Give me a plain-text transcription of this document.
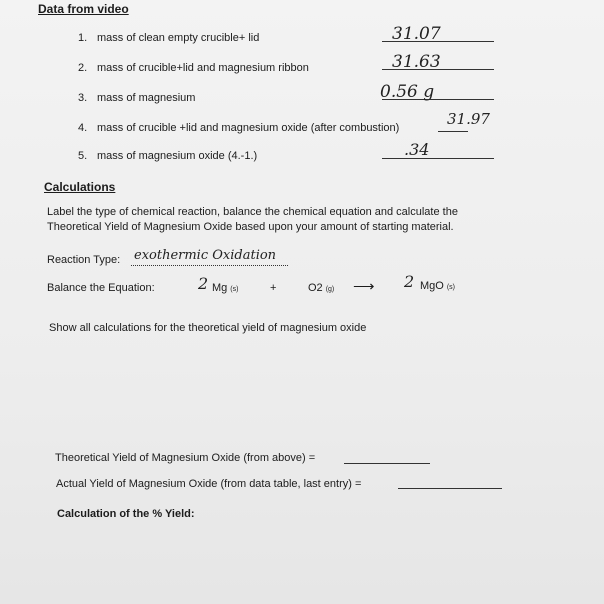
Data from video
1. mass of clean empty crucible+ lid	31.07
2. mass of crucible+lid and magnesium ribbon	31.63
3. mass of magnesium	0.56 g
4. mass of crucible +lid and magnesium oxide (after combustion)	31.97
5. mass of magnesium oxide (4.-1.)	.34
Calculations
Label the type of chemical reaction, balance the chemical equation and calculate the
Theoretical Yield of Magnesium Oxide based upon your amount of starting material.
Reaction Type: exothermic Oxidation
Balance the Equation:	2 Mg (s)	+	O2 (g) ⟶ 2 MgO (s)
Show all calculations for the theoretical yield of magnesium oxide
Theoretical Yield of Magnesium Oxide (from above) =
Actual Yield of Magnesium Oxide (from data table, last entry) =
Calculation of the % Yield:
